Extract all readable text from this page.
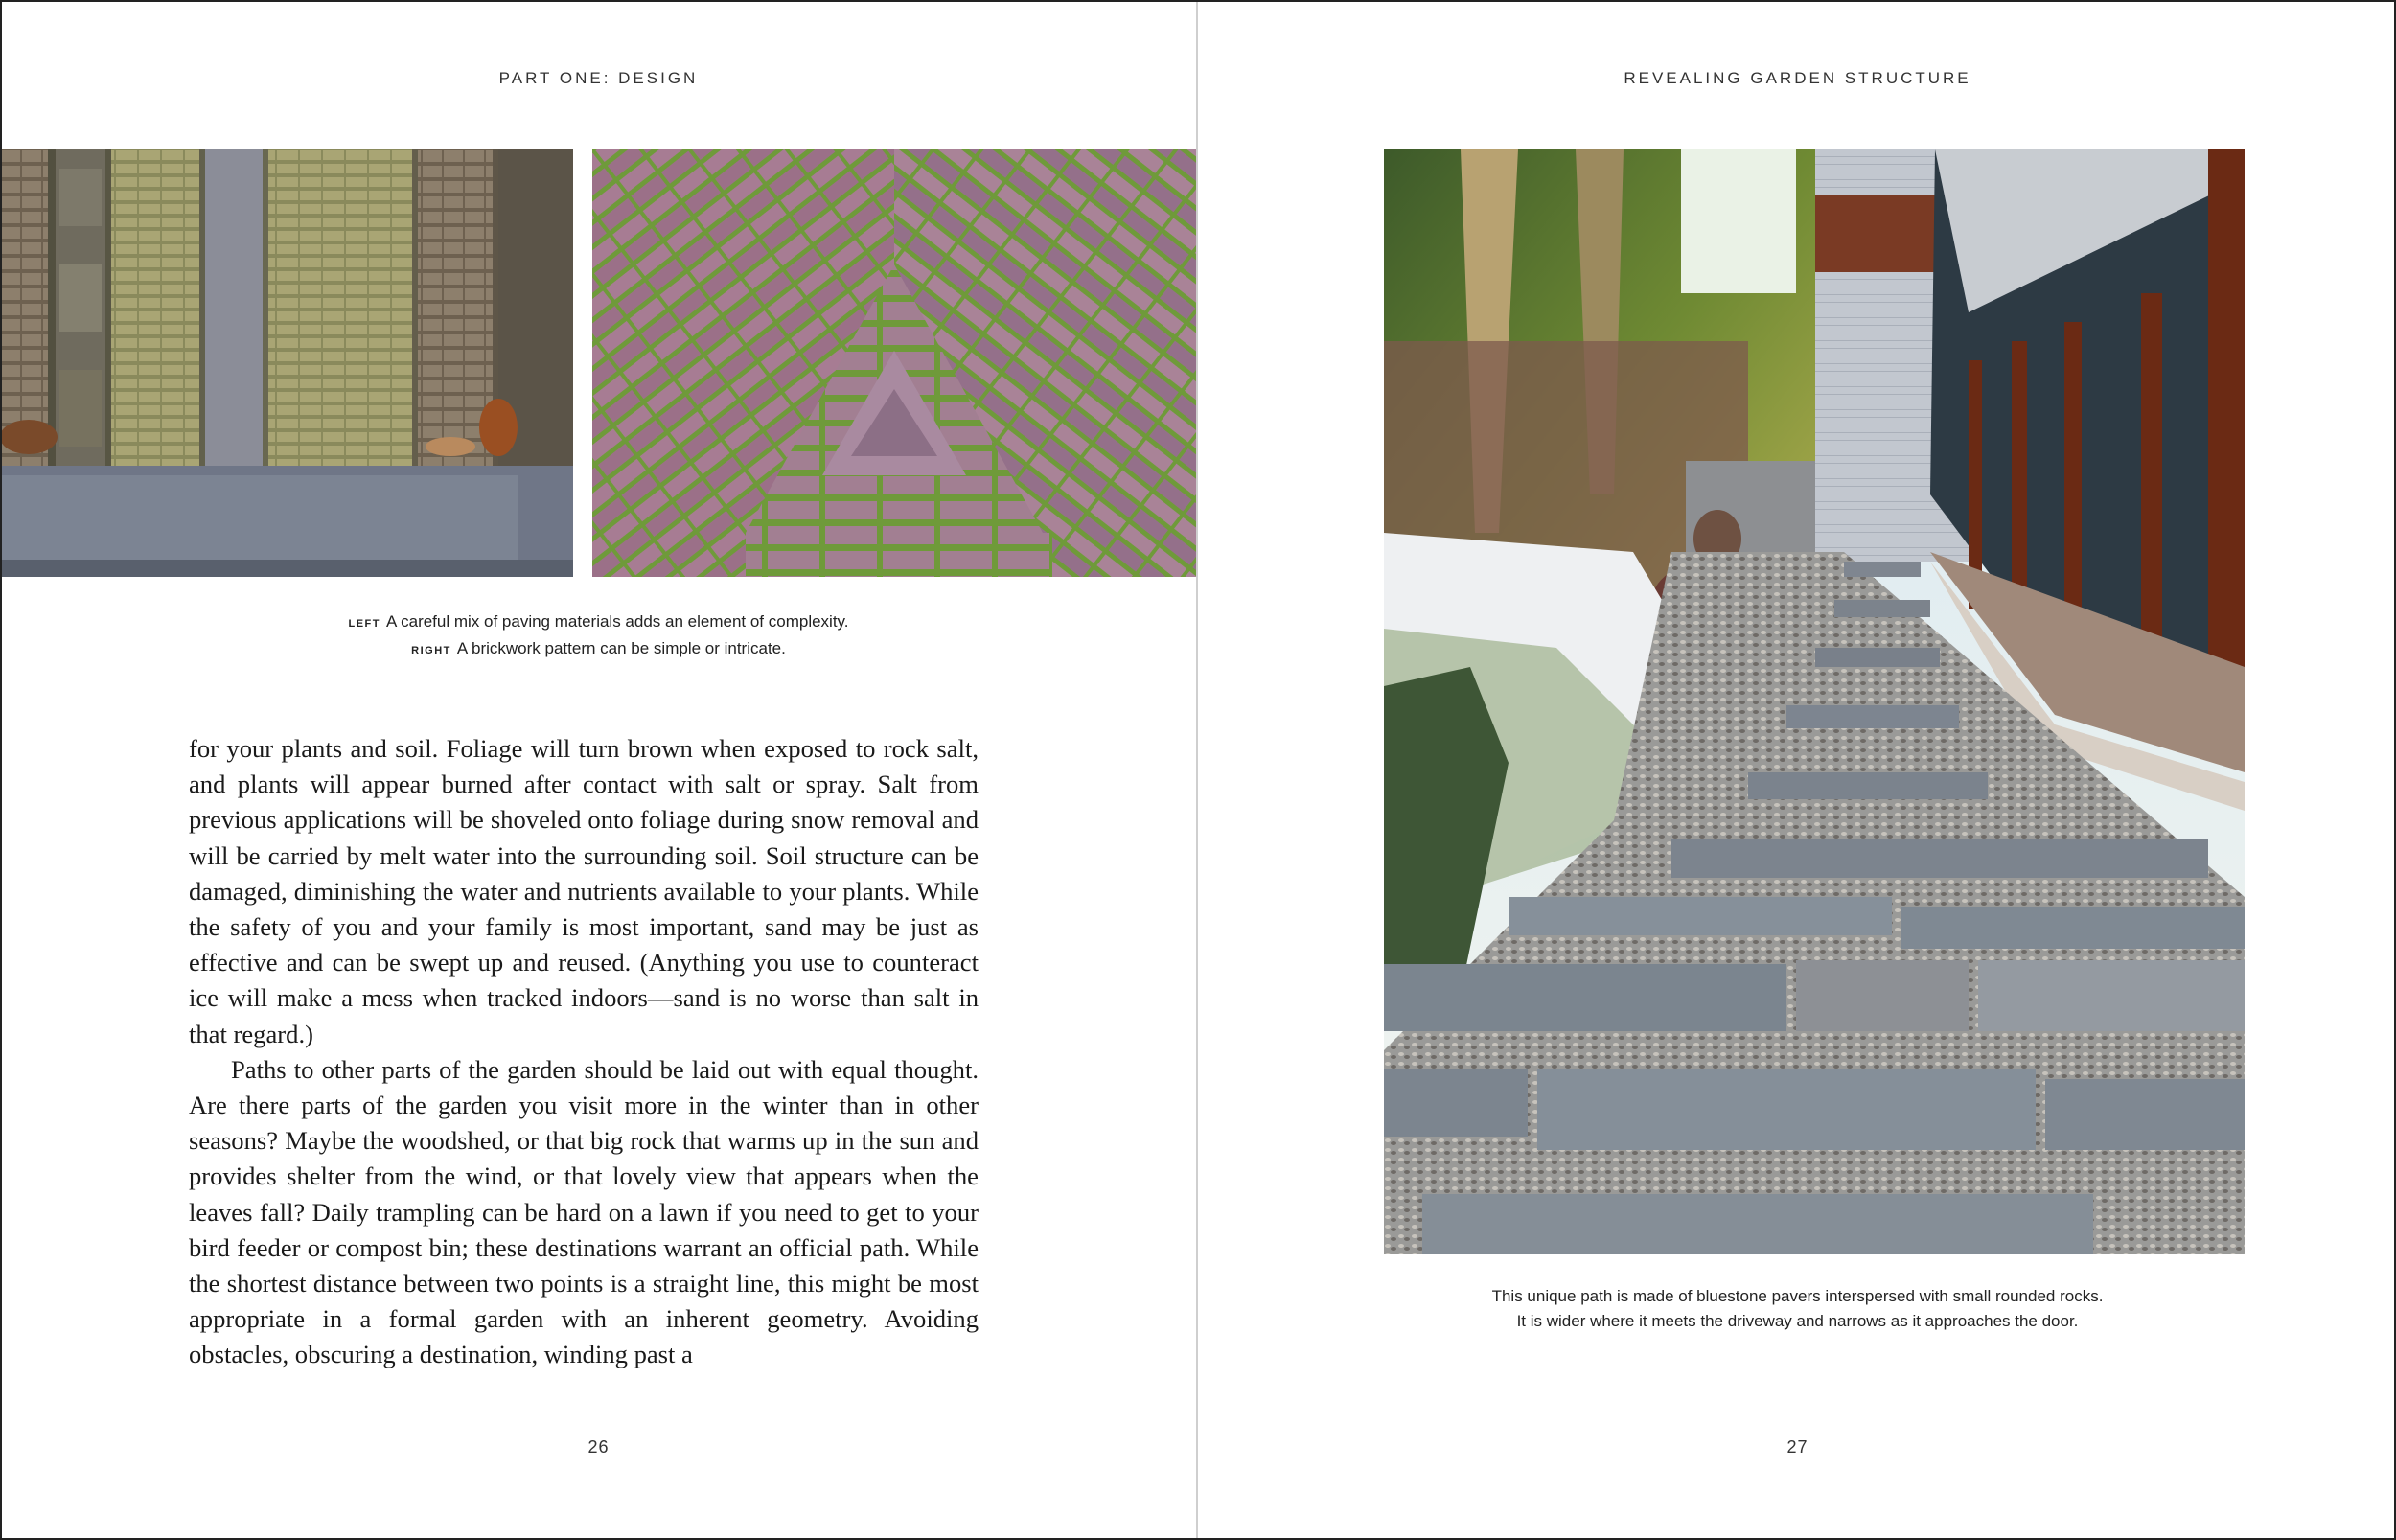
PART ONE: DESIGN
LEFT A careful mix of paving materials adds an element of complexity.
RIGHT A brickwork pattern can be simple or intricate.

for your plants and soil. Foliage will turn brown when exposed to rock salt, and plants will appear burned after contact with salt or spray. Salt from previous applications will be shoveled onto foliage during snow removal and will be carried by melt water into the surrounding soil. Soil structure can be damaged, diminishing the water and nutrients available to your plants. While the safety of you and your family is most important, sand may be just as effective and can be swept up and reused. (Anything you use to counteract ice will make a mess when tracked indoors—sand is no worse than salt in that regard.)

Paths to other parts of the garden should be laid out with equal thought. Are there parts of the garden you visit more in the winter than in other seasons? Maybe the woodshed, or that big rock that warms up in the sun and provides shelter from the wind, or that lovely view that appears when the leaves fall? Daily trampling can be hard on a lawn if you need to get to your bird feeder or compost bin; these destinations warrant an official path. While the shortest distance between two points is a straight line, this might be most appropriate in a formal garden with an inherent geometry. Avoiding obstacles, obscuring a destination, winding past a

26
REVEALING GARDEN STRUCTURE
This unique path is made of bluestone pavers interspersed with small rounded rocks.
It is wider where it meets the driveway and narrows as it approaches the door.
27
